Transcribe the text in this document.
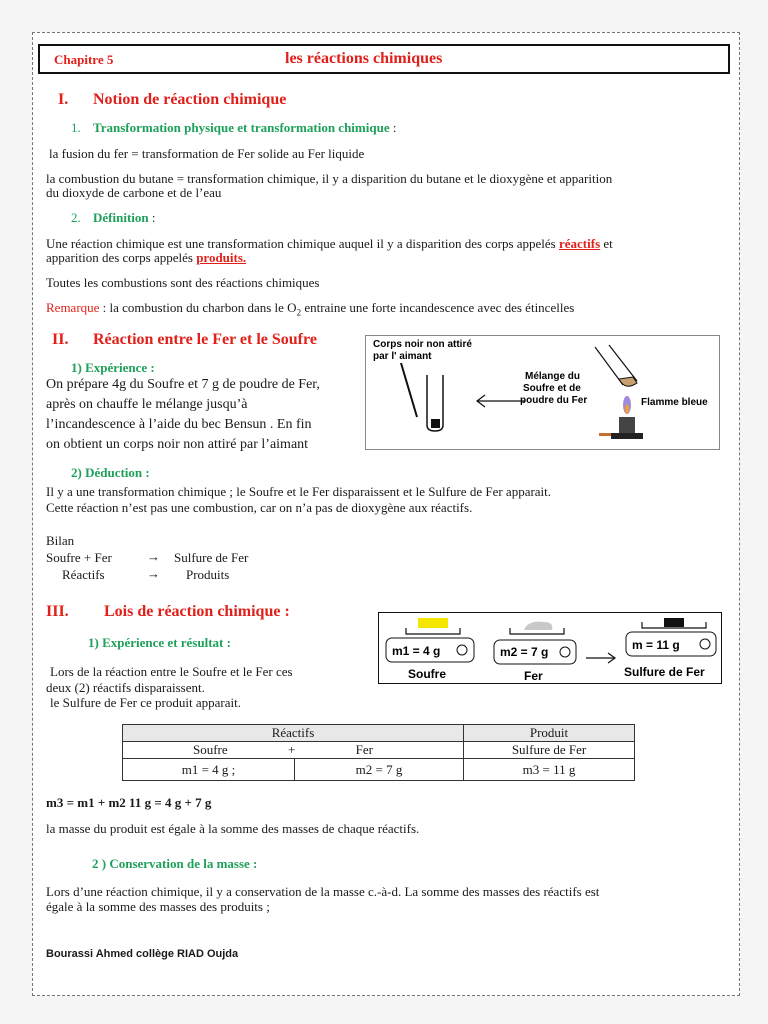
Chapitre 5	les réactions chimiques
I. Notion de réaction chimique
1. Transformation physique et transformation chimique :
la fusion du fer = transformation de Fer solide au Fer liquide
la combustion du butane = transformation chimique, il y a disparition du butane et le dioxygène et apparition
du dioxyde de carbone et de l’eau
2. Définition :
Une réaction chimique est une transformation chimique auquel il y a disparition des corps appelés réactifs et
apparition des corps appelés produits.
Toutes les combustions sont des réactions chimiques
Remarque : la combustion du charbon dans le $O_2$ entraine une forte incandescence avec des étincelles
II. Réaction entre le Fer et le Soufre
1) Expérience :
On prépare 4g du Soufre et 7 g de poudre de Fer,
après on chauffe le mélange jusqu’à
l’incandescence à l’aide du bec Bensun . En fin
on obtient un corps noir non attiré par l’aimant
Corps noir non attiré
par l' aimant
Mélange du
Soufre et de
poudre du Fer	Flamme bleue
2) Déduction :
Il y a une transformation chimique ; le Soufre et le Fer disparaissent et le Sulfure de Fer apparait.
Cette réaction n’est pas une combustion, car on n’a pas de dioxygène aux réactifs.
Bilan
Soufre + Fer	→ Sulfure de Fer
Réactifs	→ Produits
III. Lois de réaction chimique :
1) Expérience et résultat :
m1 = 4 g
Soufre
m2 = 7 g
Fer
m = 11 g
Sulfure de Fer
Lors de la réaction entre le Soufre et le Fer ces
deux (2) réactifs disparaissent.
le Sulfure de Fer ce produit apparait.
Réactifs		Produit

Soufre + Fer		Sulfure de Fer
m1 = 4 g ;	m2 = 7 g	m3 = 11 g
m3 = m1 + m2 11 g = 4 g + 7 g
la masse du produit est égale à la somme des masses de chaque réactifs.
2 ) Conservation de la masse :
Lors d’une réaction chimique, il y a conservation de la masse c.-à-d. La somme des masses des réactifs est
égale à la somme des masses des produits ;
Bourassi Ahmed collège RIAD Oujda
